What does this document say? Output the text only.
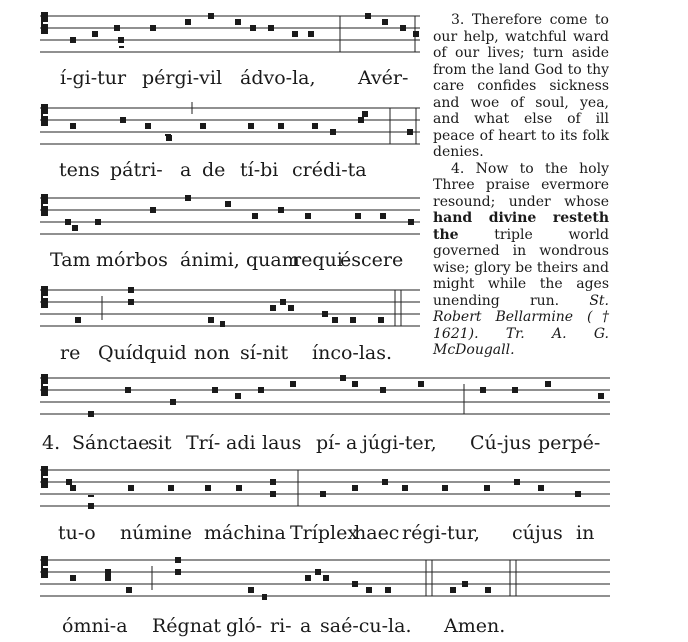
í-gi-tur pérgi-vil ádvo-la, Avér-
tens pátri- a de tí-bi crédi-ta
Tam mórbos ánimi, quam
requi-
éscere
re Quídquid non sí-nit ínco-las.
4. Sánctae
sit Trí- adi laus pí- a júgi-ter, Cú-jus perpé-
tu-o númine máchina Tríplex
haec régi-tur, cújus in
ómni-a Régnat gló- ri- a saé-cu-la. Amen.

3. Therefore come to our help, watchful ward of our lives; turn aside from the land God to thy care confides sickness and woe of soul, yea, and what else of ill peace of heart to its folk denies.

4. Now to the holy Three praise evermore resound; under whose hand divine resteth the triple world governed in wondrous wise; glory be theirs and might while the ages unending run. St. Robert Bellarmine († 1621). Tr. A. G. McDougall.
